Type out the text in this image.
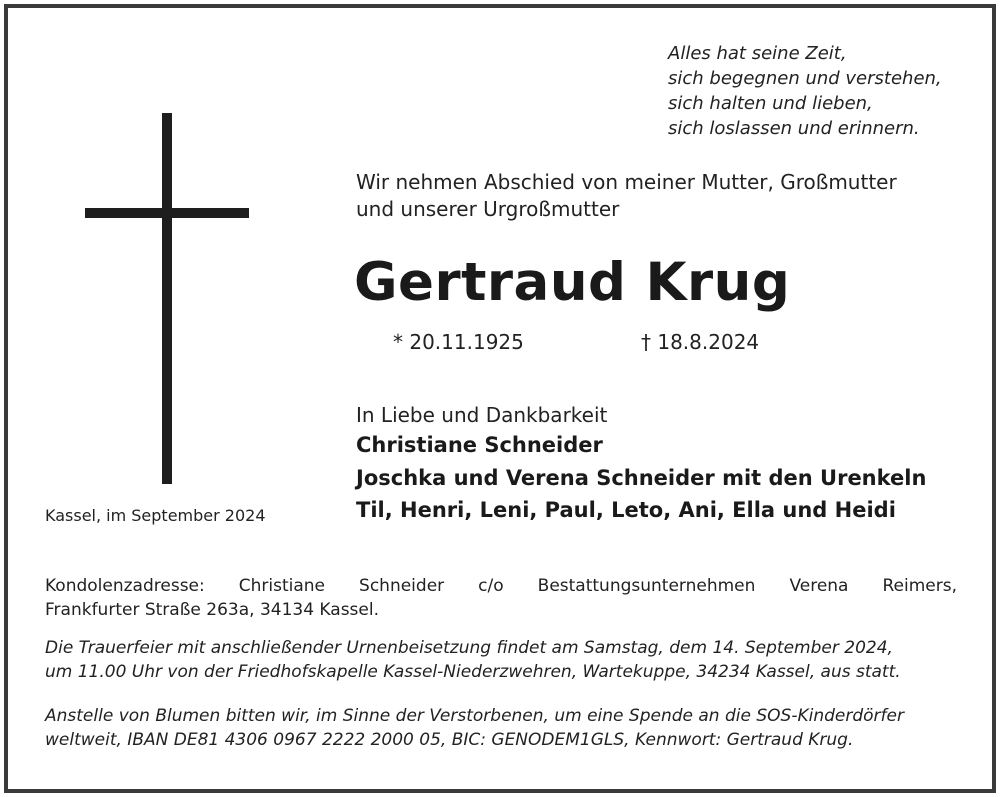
Alles hat seine Zeit,
sich begegnen und verstehen,
sich halten und lieben,
sich loslassen und erinnern.
Wir nehmen Abschied von meiner Mutter, Großmutter
und unserer Urgroßmutter
Gertraud Krug
* 20.11.1925	† 18.8.2024
In Liebe und Dankbarkeit
Christiane Schneider
Joschka und Verena Schneider mit den Urenkeln
Til, Henri, Leni, Paul, Leto, Ani, Ella und Heidi
Kassel, im September 2024
Kondolenzadresse: Christiane Schneider c/o Bestattungsunternehmen Verena Reimers,
Frankfurter Straße 263a, 34134 Kassel.
Die Trauerfeier mit anschließender Urnenbeisetzung findet am Samstag, dem 14. September 2024,
um 11.00 Uhr von der Friedhofskapelle Kassel-Niederzwehren, Wartekuppe, 34234 Kassel, aus statt.
Anstelle von Blumen bitten wir, im Sinne der Verstorbenen, um eine Spende an die SOS-Kinderdörfer
weltweit, IBAN DE81 4306 0967 2222 2000 05, BIC: GENODEM1GLS, Kennwort: Gertraud Krug.
